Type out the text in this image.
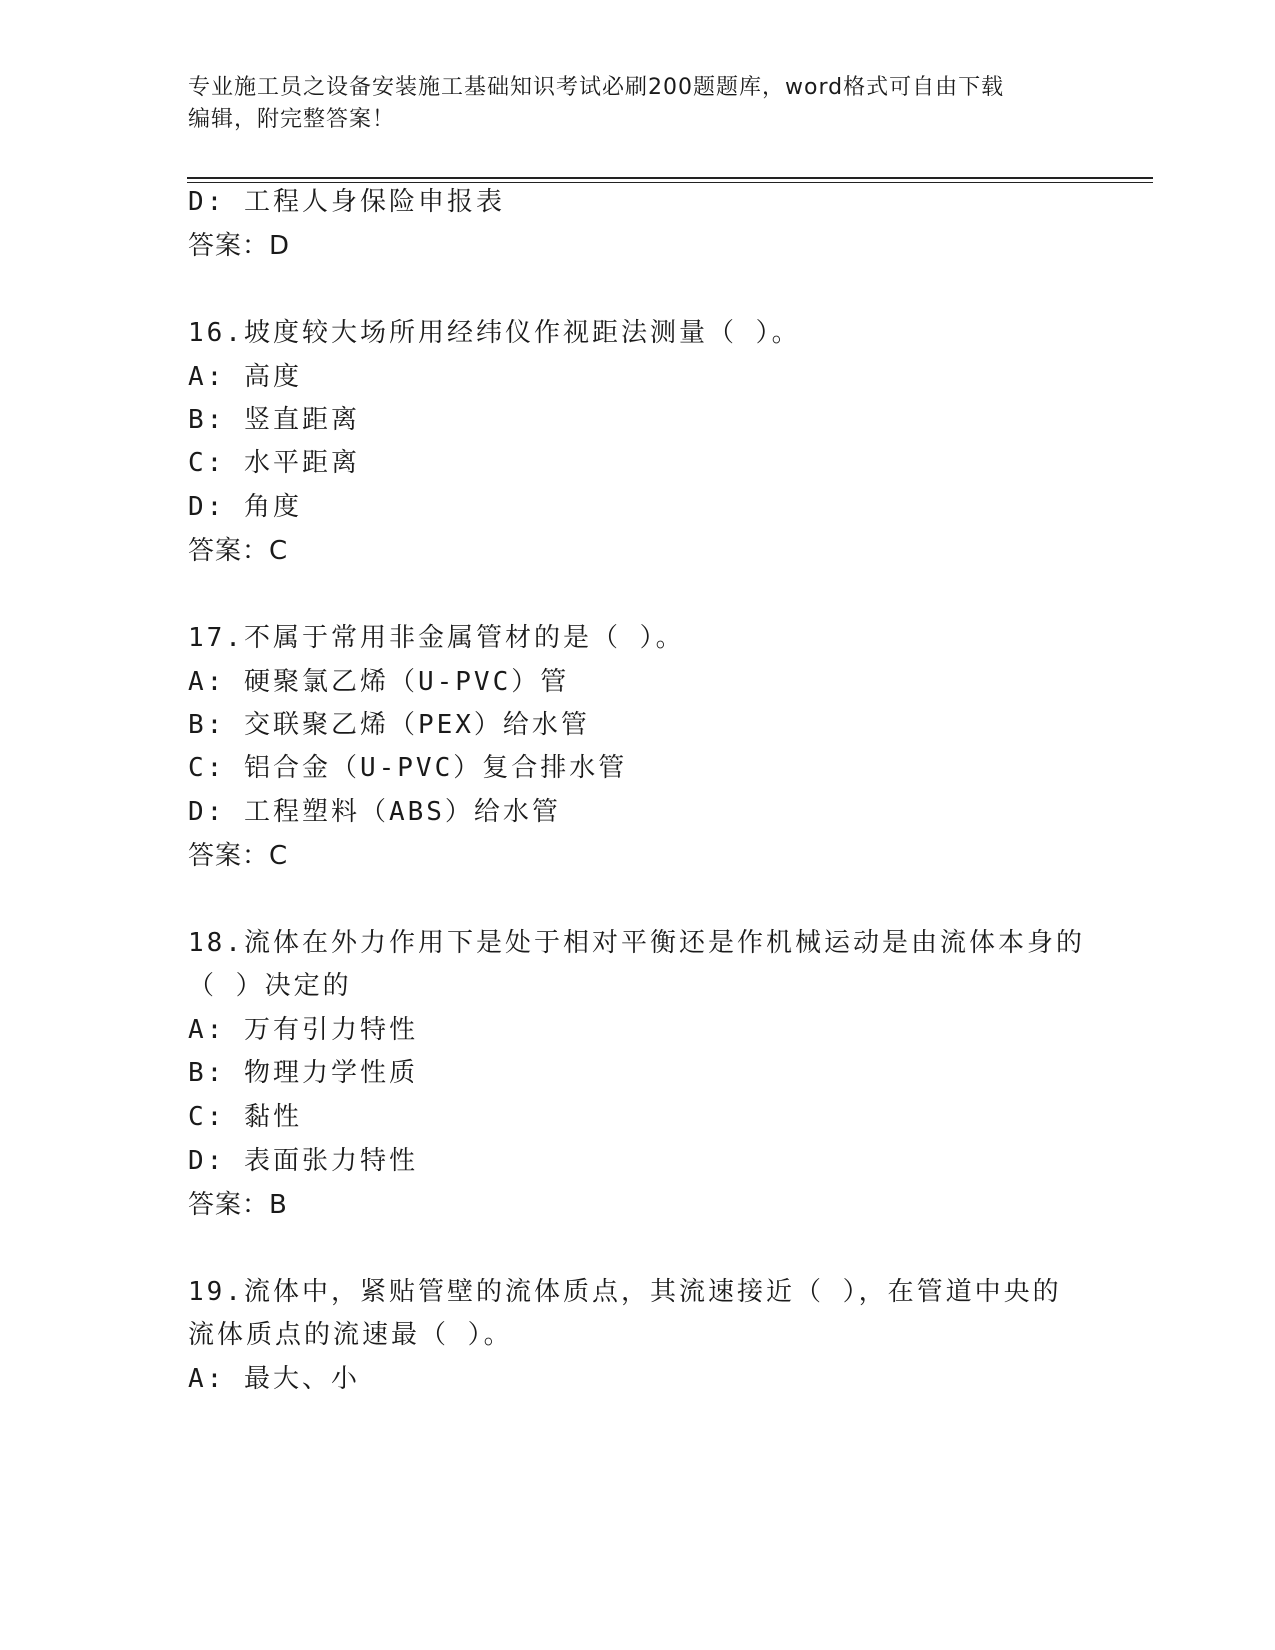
专业施工员之设备安装施工基础知识考试必刷200题题库，word格式可自由下载
编辑，附完整答案！
D: 工程人身保险申报表
答案：D
16.坡度较大场所用经纬仪作视距法测量（ ）。
A: 高度
B: 竖直距离
C: 水平距离
D: 角度
答案：C
17.不属于常用非金属管材的是（ ）。
A: 硬聚氯乙烯（U-PVC）管
B: 交联聚乙烯（PEX）给水管
C: 铝合金（U-PVC）复合排水管
D: 工程塑料（ABS）给水管
答案：C
18.流体在外力作用下是处于相对平衡还是作机械运动是由流体本身的
（ ）决定的
A: 万有引力特性
B: 物理力学性质
C: 黏性
D: 表面张力特性
答案：B
19.流体中，紧贴管壁的流体质点，其流速接近（ ），在管道中央的
流体质点的流速最（ ）。
A: 最大、小
